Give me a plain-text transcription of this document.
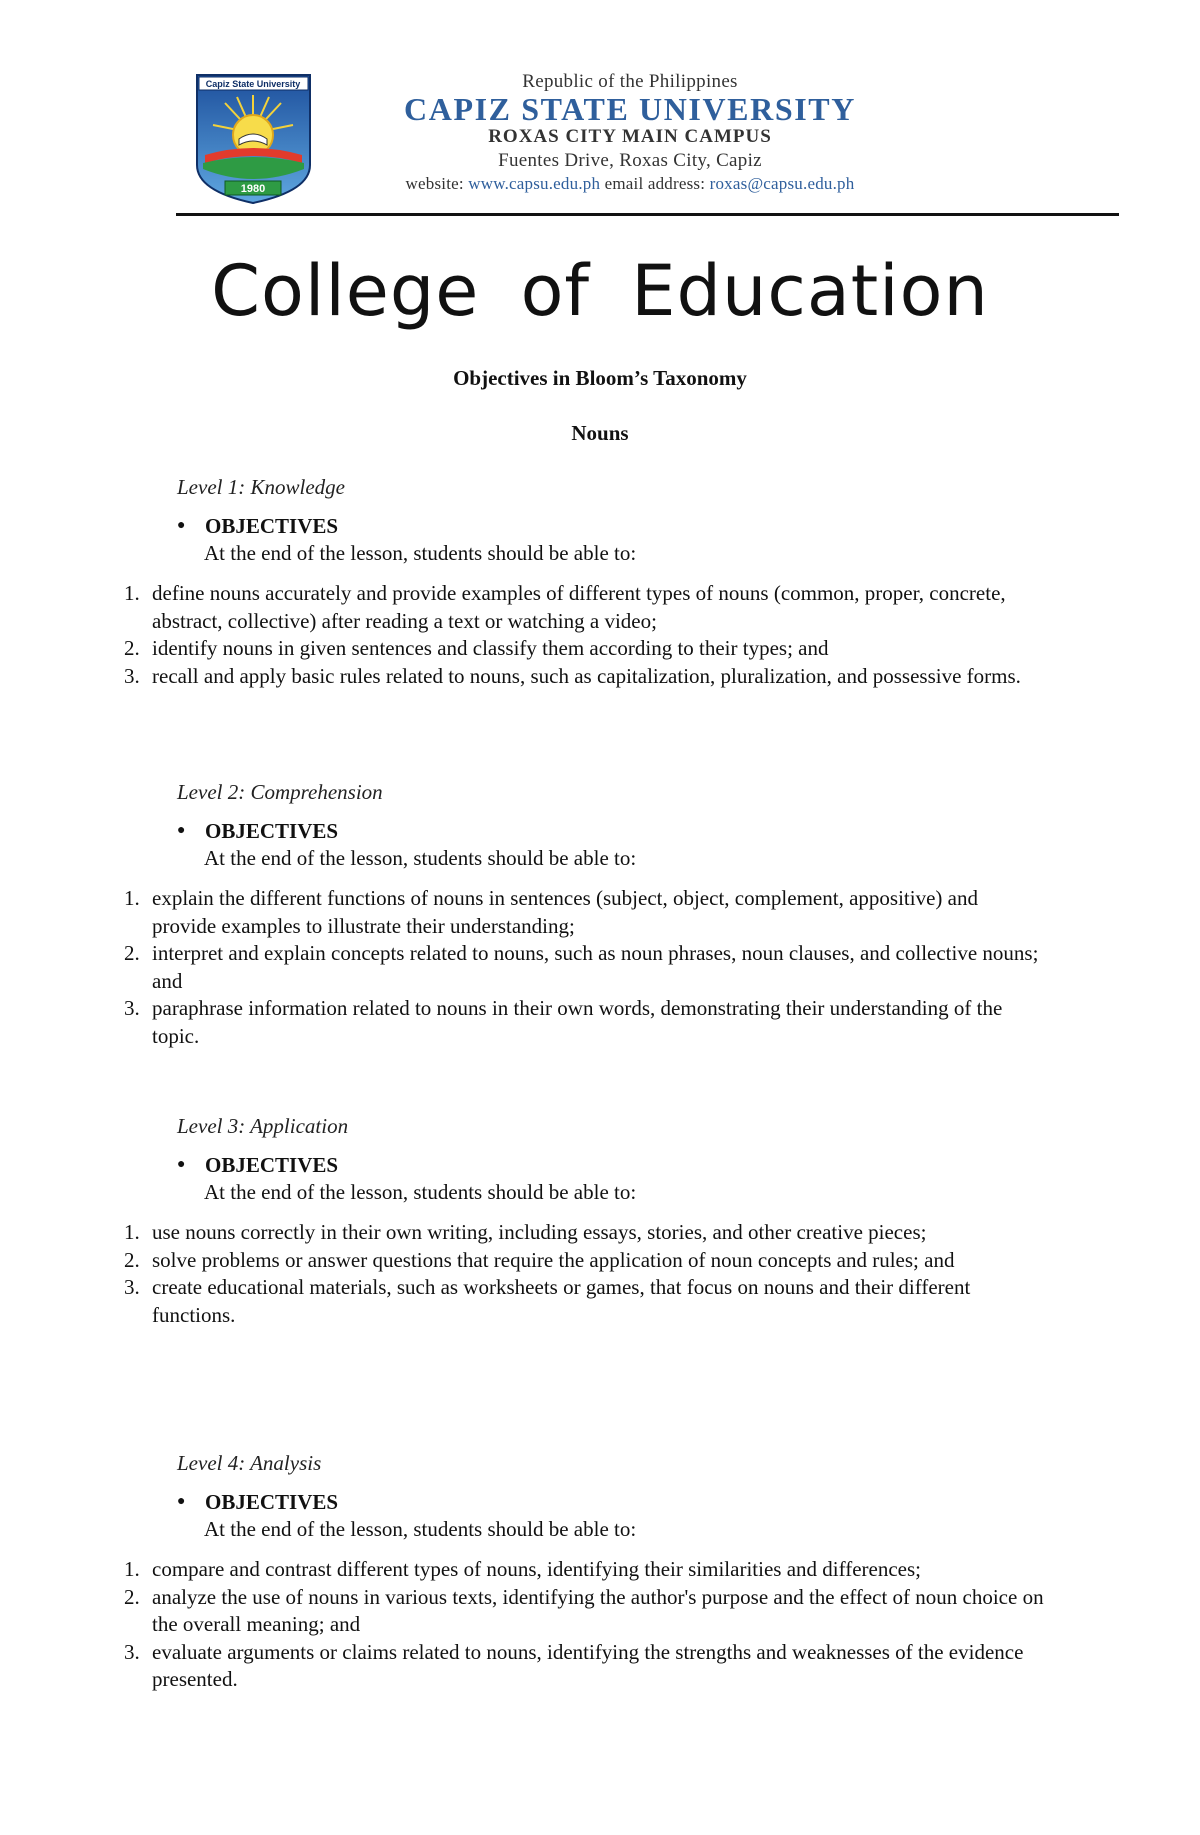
Capiz State University
1980
Republic of the Philippines
CAPIZ STATE UNIVERSITY
ROXAS CITY MAIN CAMPUS
Fuentes Drive, Roxas City, Capiz
website: www.capsu.edu.ph email address: roxas@capsu.edu.ph
College of Education
Objectives in Bloom’s Taxonomy
Nouns
Level 1: Knowledge
● OBJECTIVES
At the end of the lesson, students should be able to:
1. define nouns accurately and provide examples of different types of nouns (common, proper, concrete, abstract, collective) after reading a text or watching a video;
2. identify nouns in given sentences and classify them according to their types; and
3. recall and apply basic rules related to nouns, such as capitalization, pluralization, and possessive forms.
Level 2: Comprehension
● OBJECTIVES
At the end of the lesson, students should be able to:
1. explain the different functions of nouns in sentences (subject, object, complement, appositive) and provide examples to illustrate their understanding;
2. interpret and explain concepts related to nouns, such as noun phrases, noun clauses, and collective nouns; and
3. paraphrase information related to nouns in their own words, demonstrating their understanding of the topic.
Level 3: Application
● OBJECTIVES
At the end of the lesson, students should be able to:
1. use nouns correctly in their own writing, including essays, stories, and other creative pieces;
2. solve problems or answer questions that require the application of noun concepts and rules; and
3. create educational materials, such as worksheets or games, that focus on nouns and their different functions.
Level 4: Analysis
● OBJECTIVES
At the end of the lesson, students should be able to:
1. compare and contrast different types of nouns, identifying their similarities and differences;
2. analyze the use of nouns in various texts, identifying the author's purpose and the effect of noun choice on the overall meaning; and
3. evaluate arguments or claims related to nouns, identifying the strengths and weaknesses of the evidence presented.
